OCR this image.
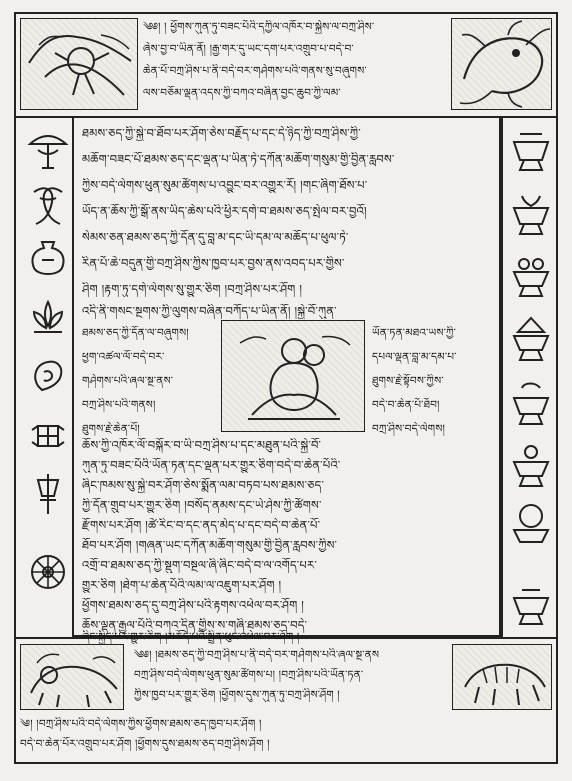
༄༅། ། ཕྱོགས་ཀུན་ཏུ་བཟང་པོའི་དཀྱིལ་འཁོར་བ་སྐྱེས་ལ་བཀྲ་ཤིས་
ཞེས་བྱ་བ་ཡིན་ནོ། །རྒྱ་གར་དུ་ཡང་དག་པར་འགྲུབ་པ་བདེ་བ་
ཆེན་པོ་བཀྲ་ཤིས་པ་ནི་བདེ་བར་གཤེགས་པའི་གནས་སུ་བཞུགས་
ལས་བཅོམ་ལྡན་འདས་ཀྱི་བཀའ་བཞིན་བྱང་ཆུབ་ཀྱི་ལམ་
ཐམས་ཅད་ཀྱི་སྐྱེ་བ་ཐོབ་པར་ཤོག་ཅེས་བརྗོད་པ་དང་དེ་ཉིད་ཀྱི་བཀྲ་ཤིས་ཀྱི་
མཆོག་བཟང་པོ་ཐམས་ཅད་དང་ལྡན་པ་ཡིན་ཏེ་དཀོན་མཆོག་གསུམ་གྱི་བྱིན་རླབས་
ཀྱིས་བདེ་ལེགས་ཕུན་སུམ་ཚོགས་པ་འབྱུང་བར་འགྱུར་རོ། །གང་ཞིག་ཐོས་པ་
ཡོད་ན་ཆོས་ཀྱི་སྒོ་ནས་ཡིད་ཆེས་པའི་ཕྱིར་དགེ་བ་ཐམས་ཅད་སྤེལ་བར་བྱའོ།
སེམས་ཅན་ཐམས་ཅད་ཀྱི་དོན་དུ་བླ་མ་དང་ཡི་དམ་ལ་མཆོད་པ་ཕུལ་ཏེ་
རིན་པོ་ཆེ་བདུན་གྱི་བཀྲ་ཤིས་ཀྱིས་ཁྱབ་པར་བྱས་ནས་འབད་པར་གྱིས་
ཤིག །རྟག་ཏུ་དགེ་ལེགས་སུ་གྱུར་ཅིག །བཀྲ་ཤིས་པར་ཤོག །
འདི་ནི་གསང་སྔགས་ཀྱི་ལུགས་བཞིན་བཀོད་པ་ཡིན་ནོ། །སྐྱེ་བོ་ཀུན་
ཐམས་ཅད་ཀྱི་དོན་ལ་བཞུགས།
ཕྱག་འཚལ་ལོ་བདེ་བར་
གཤེགས་པའི་ཞལ་སྔ་ནས་
བཀྲ་ཤིས་པའི་གནས།
ཐུགས་རྗེ་ཆེན་པོ།
ཡོན་ཏན་མཐའ་ཡས་ཀྱི་
དཔལ་ལྡན་བླ་མ་དམ་པ་
ཐུགས་རྗེ་སྟོབས་ཀྱིས་
བདེ་བ་ཆེན་པོ་ཐོབ།
བཀྲ་ཤིས་བདེ་ལེགས།
ཆོས་ཀྱི་འཁོར་ལོ་བསྐོར་བ་ཡི་བཀྲ་ཤིས་པ་དང་མཐུན་པའི་སྐྱེ་བོ་
ཀུན་ཏུ་བཟང་པོའི་ཡོན་ཏན་དང་ལྡན་པར་གྱུར་ཅིག་བདེ་བ་ཆེན་པོའི་
ཞིང་ཁམས་སུ་སྐྱེ་བར་ཤོག་ཅེས་སྨོན་ལམ་བཏབ་པས་ཐམས་ཅད་
ཀྱི་དོན་གྲུབ་པར་གྱུར་ཅིག །བསོད་ནམས་དང་ཡེ་ཤེས་ཀྱི་ཚོགས་
རྫོགས་པར་ཤོག །ཚེ་རིང་བ་དང་ནད་མེད་པ་དང་བདེ་བ་ཆེན་པོ་
ཐོབ་པར་ཤོག །གཞན་ཡང་དཀོན་མཆོག་གསུམ་གྱི་བྱིན་རླབས་ཀྱིས་
འགྲོ་བ་ཐམས་ཅད་ཀྱི་སྡུག་བསྔལ་ཞི་ཞིང་བདེ་བ་ལ་འགོད་པར་
གྱུར་ཅིག །ཐེག་པ་ཆེན་པོའི་ལམ་ལ་འཇུག་པར་ཤོག །
ཕྱོགས་ཐམས་ཅད་དུ་བཀྲ་ཤིས་པའི་རྟགས་འཕེལ་བར་ཤོག །
ཆོས་ལྡན་རྒྱལ་པོའི་བཀའ་དྲིན་གྱིས་ས་གཞི་ཐམས་ཅད་བདེ་
ཞིང་སྐྱིད་པར་གྱུར་ཅིག །མཆོད་པའི་སྤྲིན་ཕུང་འཕེལ་བར་ཤོག །
༄༅། །ཐམས་ཅད་ཀྱི་བཀྲ་ཤིས་པ་ནི་བདེ་བར་གཤེགས་པའི་ཞལ་སྔ་ནས
བཀྲ་ཤིས་བདེ་ལེགས་ཕུན་སུམ་ཚོགས་པ། །བཀྲ་ཤིས་པའི་ཡོན་ཏན་
ཀྱིས་ཁྱབ་པར་གྱུར་ཅིག །ཕྱོགས་དུས་ཀུན་ཏུ་བཀྲ་ཤིས་ཤོག །
༄། །བཀྲ་ཤིས་པའི་བདེ་ལེགས་ཀྱིས་ཕྱོགས་ཐམས་ཅད་ཁྱབ་པར་ཤོག །
བདེ་བ་ཆེན་པོར་འགྲུབ་པར་ཤོག །ཕྱོགས་དུས་ཐམས་ཅད་བཀྲ་ཤིས་ཤོག །
